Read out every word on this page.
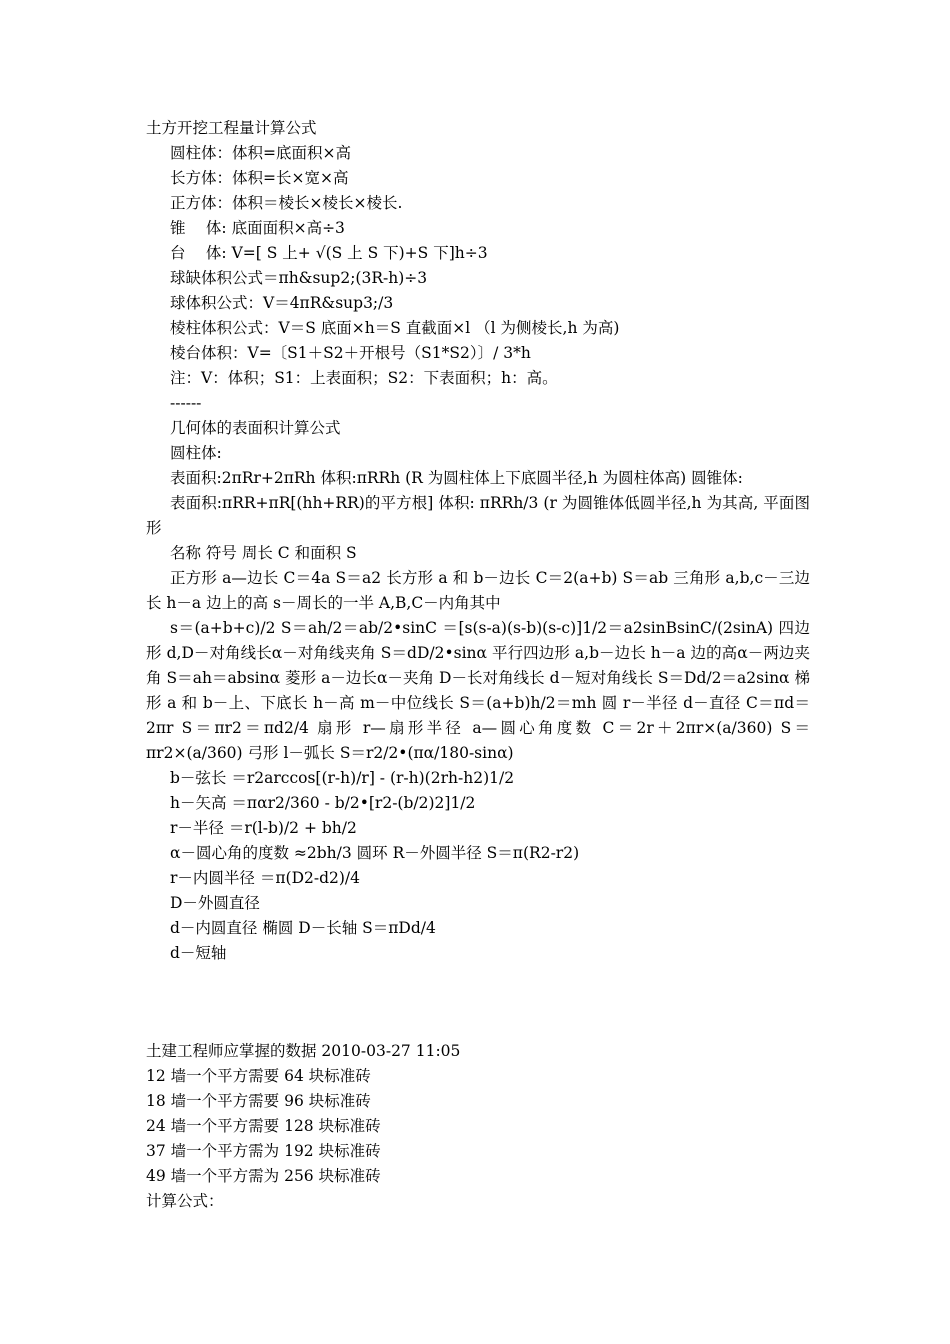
土方开挖工程量计算公式

圆柱体：体积=底面积×高

长方体：体积=长×宽×高

正方体：体积＝棱长×棱长×棱长.

锥　 体: 底面面积×高÷3

台　 体: V=[ S 上+ √(S 上 S 下)+S 下]h÷3

球缺体积公式＝πh&sup2;(3R-h)÷3

球体积公式：V＝4πR&sup3;/3

棱柱体积公式：V＝S 底面×h＝S 直截面×l （l 为侧棱长,h 为高)

棱台体积：V=〔S1＋S2＋开根号（S1*S2）〕/ 3*h

注：V：体积；S1：上表面积；S2：下表面积；h：高。

------

几何体的表面积计算公式

圆柱体:

表面积:2πRr+2πRh 体积:πRRh (R 为圆柱体上下底圆半径,h 为圆柱体高) 圆锥体:

表面积:πRR+πR[(hh+RR)的平方根] 体积: πRRh/3 (r 为圆锥体低圆半径,h 为其高, 平面图形

名称 符号 周长 C 和面积 S

正方形 a—边长 C＝4a S＝a2 长方形 a 和 b－边长 C＝2(a+b) S＝ab 三角形 a,b,c－三边长 h－a 边上的高 s－周长的一半 A,B,C－内角其中

s＝(a+b+c)/2 S＝ah/2＝ab/2•sinC ＝[s(s-a)(s-b)(s-c)]1/2＝a2sinBsinC/(2sinA) 四边形 d,D－对角线长α－对角线夹角 S＝dD/2•sinα 平行四边形 a,b－边长 h－a 边的高α－两边夹角 S＝ah＝absinα 菱形 a－边长α－夹角 D－长对角线长 d－短对角线长 S＝Dd/2＝a2sinα 梯形 a 和 b－上、下底长 h－高 m－中位线长 S＝(a+b)h/2＝mh 圆 r－半径 d－直径 C＝πd＝2πr S＝πr2＝πd2/4 扇形 r—扇形半径 a—圆心角度数 C＝2r＋2πr×(a/360) S＝πr2×(a/360) 弓形 l－弧长 S＝r2/2•(πα/180-sinα)

b－弦长 ＝r2arccos[(r-h)/r] - (r-h)(2rh-h2)1/2

h－矢高 ＝παr2/360 - b/2•[r2-(b/2)2]1/2

r－半径 ＝r(l-b)/2 + bh/2

α－圆心角的度数 ≈2bh/3 圆环 R－外圆半径 S＝π(R2-r2)

r－内圆半径 ＝π(D2-d2)/4

D－外圆直径

d－内圆直径 椭圆 D－长轴 S＝πDd/4

d－短轴

土建工程师应掌握的数据 2010-03-27 11:05

12 墙一个平方需要 64 块标准砖

18 墙一个平方需要 96 块标准砖

24 墙一个平方需要 128 块标准砖

37 墙一个平方需为 192 块标准砖

49 墙一个平方需为 256 块标准砖

计算公式：
